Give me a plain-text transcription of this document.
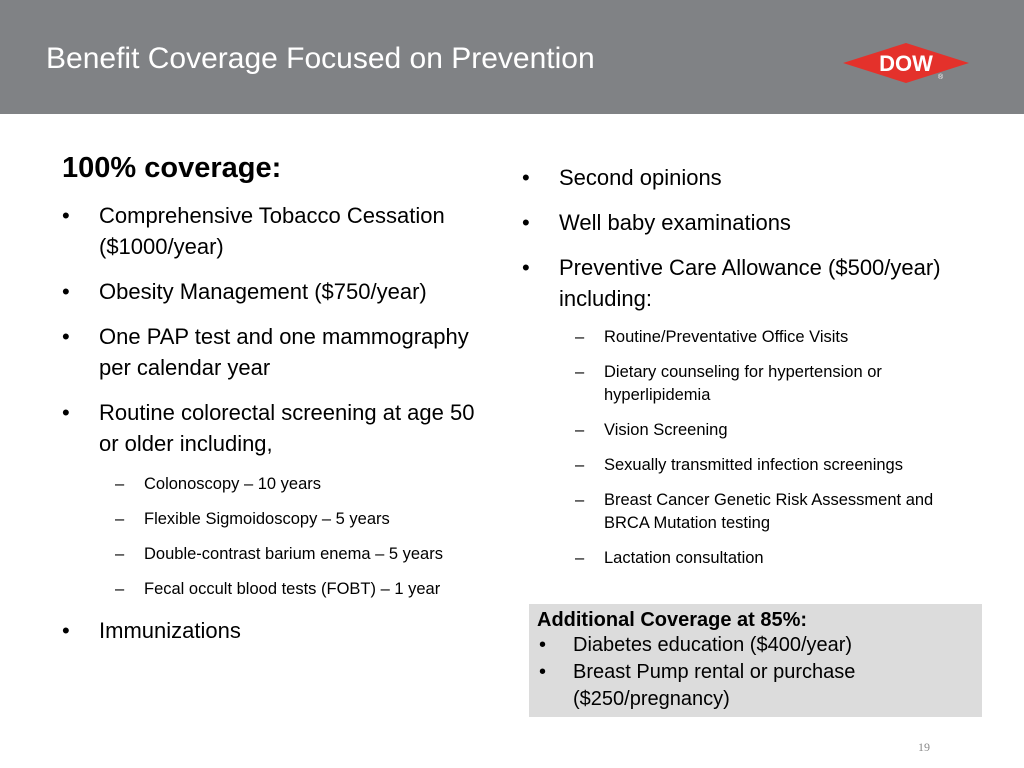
Benefit Coverage Focused on Prevention	DOW
®
100% coverage:
• Comprehensive Tobacco Cessation ($1000/year)
• Obesity Management ($750/year)
• One PAP test and one mammography per calendar year
• Routine colorectal screening at age 50 or older including,
– Colonoscopy – 10 years
– Flexible Sigmoidoscopy – 5 years
– Double-contrast barium enema – 5 years
– Fecal occult blood tests (FOBT) – 1 year
• Immunizations
• Second opinions
• Well baby examinations
• Preventive Care Allowance ($500/year) including:
– Routine/Preventative Office Visits
– Dietary counseling for hypertension or hyperlipidemia
– Vision Screening
– Sexually transmitted infection screenings
– Breast Cancer Genetic Risk Assessment and BRCA Mutation testing
– Lactation consultation
Additional Coverage at 85%:
• Diabetes education ($400/year)
• Breast Pump rental or purchase ($250/pregnancy)
19
